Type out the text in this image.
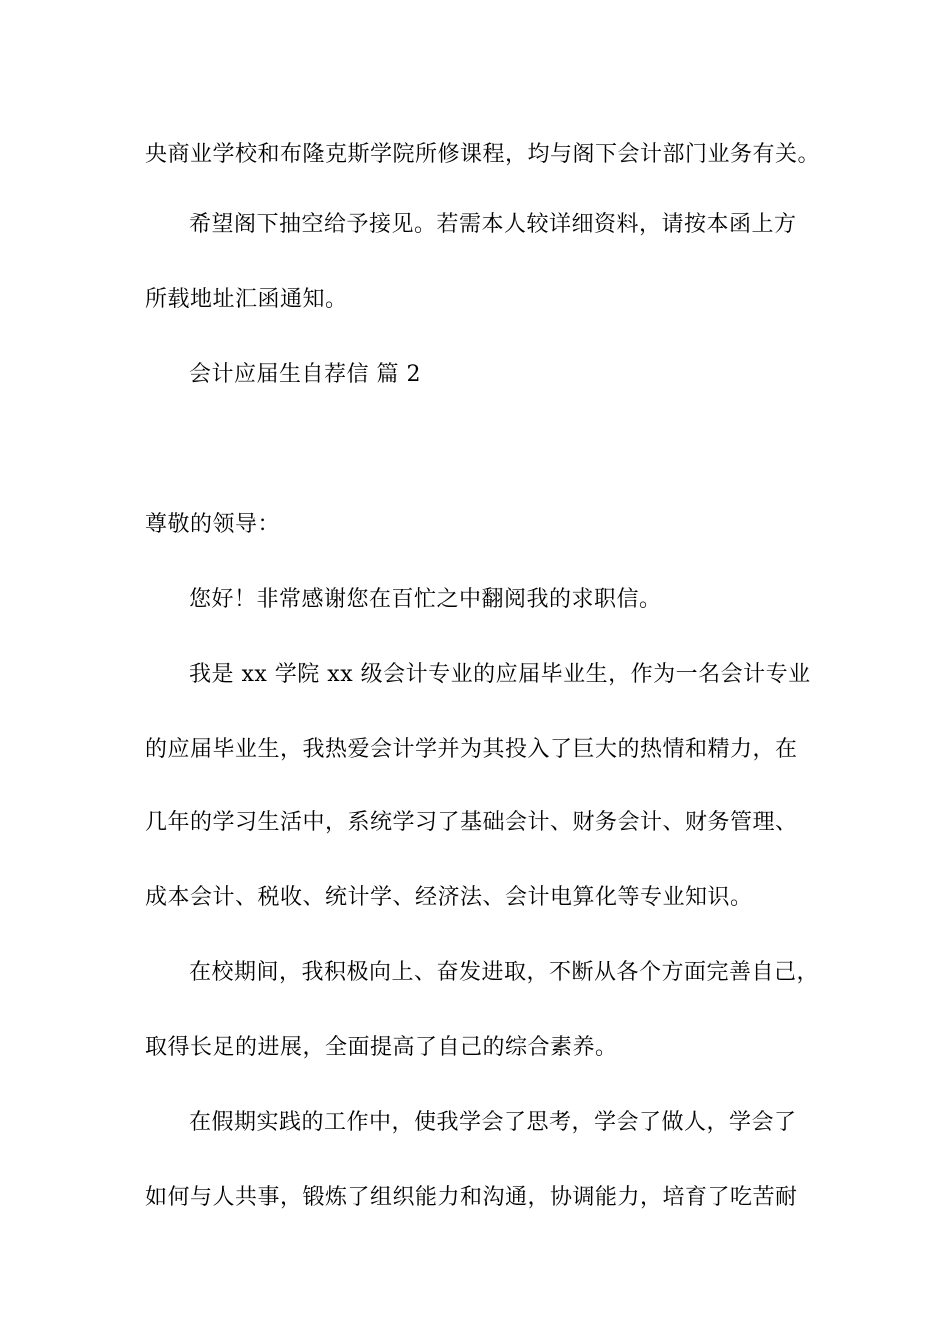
央商业学校和布隆克斯学院所修课程，均与阁下会计部门业务有关。
希望阁下抽空给予接见。若需本人较详细资料，请按本函上方
所载地址汇函通知。
会计应届生自荐信 篇 2
尊敬的领导：
您好！非常感谢您在百忙之中翻阅我的求职信。
我是 xx 学院 xx 级会计专业的应届毕业生，作为一名会计专业
的应届毕业生，我热爱会计学并为其投入了巨大的热情和精力，在
几年的学习生活中，系统学习了基础会计、财务会计、财务管理、
成本会计、税收、统计学、经济法、会计电算化等专业知识。
在校期间，我积极向上、奋发进取，不断从各个方面完善自己，
取得长足的进展，全面提高了自己的综合素养。
在假期实践的工作中，使我学会了思考，学会了做人，学会了
如何与人共事，锻炼了组织能力和沟通，协调能力，培育了吃苦耐
